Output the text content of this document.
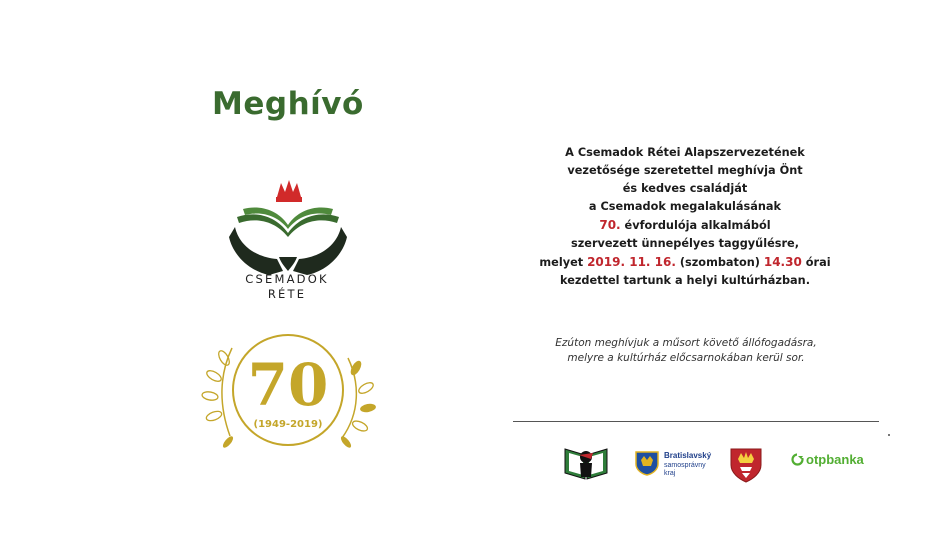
Meghívó
CSEMADOK
RÉTE
70
(1949-2019)
A Csemadok Rétei Alapszervezetének
vezetősége szeretettel meghívja Önt
és kedves családját
a Csemadok megalakulásának
70. évfordulója alkalmából
szervezett ünnepélyes taggyűlésre,
melyet 2019. 11. 16. (szombaton) 14.30 órai
kezdettel tartunk a helyi kultúrházban.
Ezúton meghívjuk a műsort követő állófogadásra,
melyre a kultúrház előcsarnokában kerül sor.
Bratislavský
samosprávny
kraj
otpbanka
